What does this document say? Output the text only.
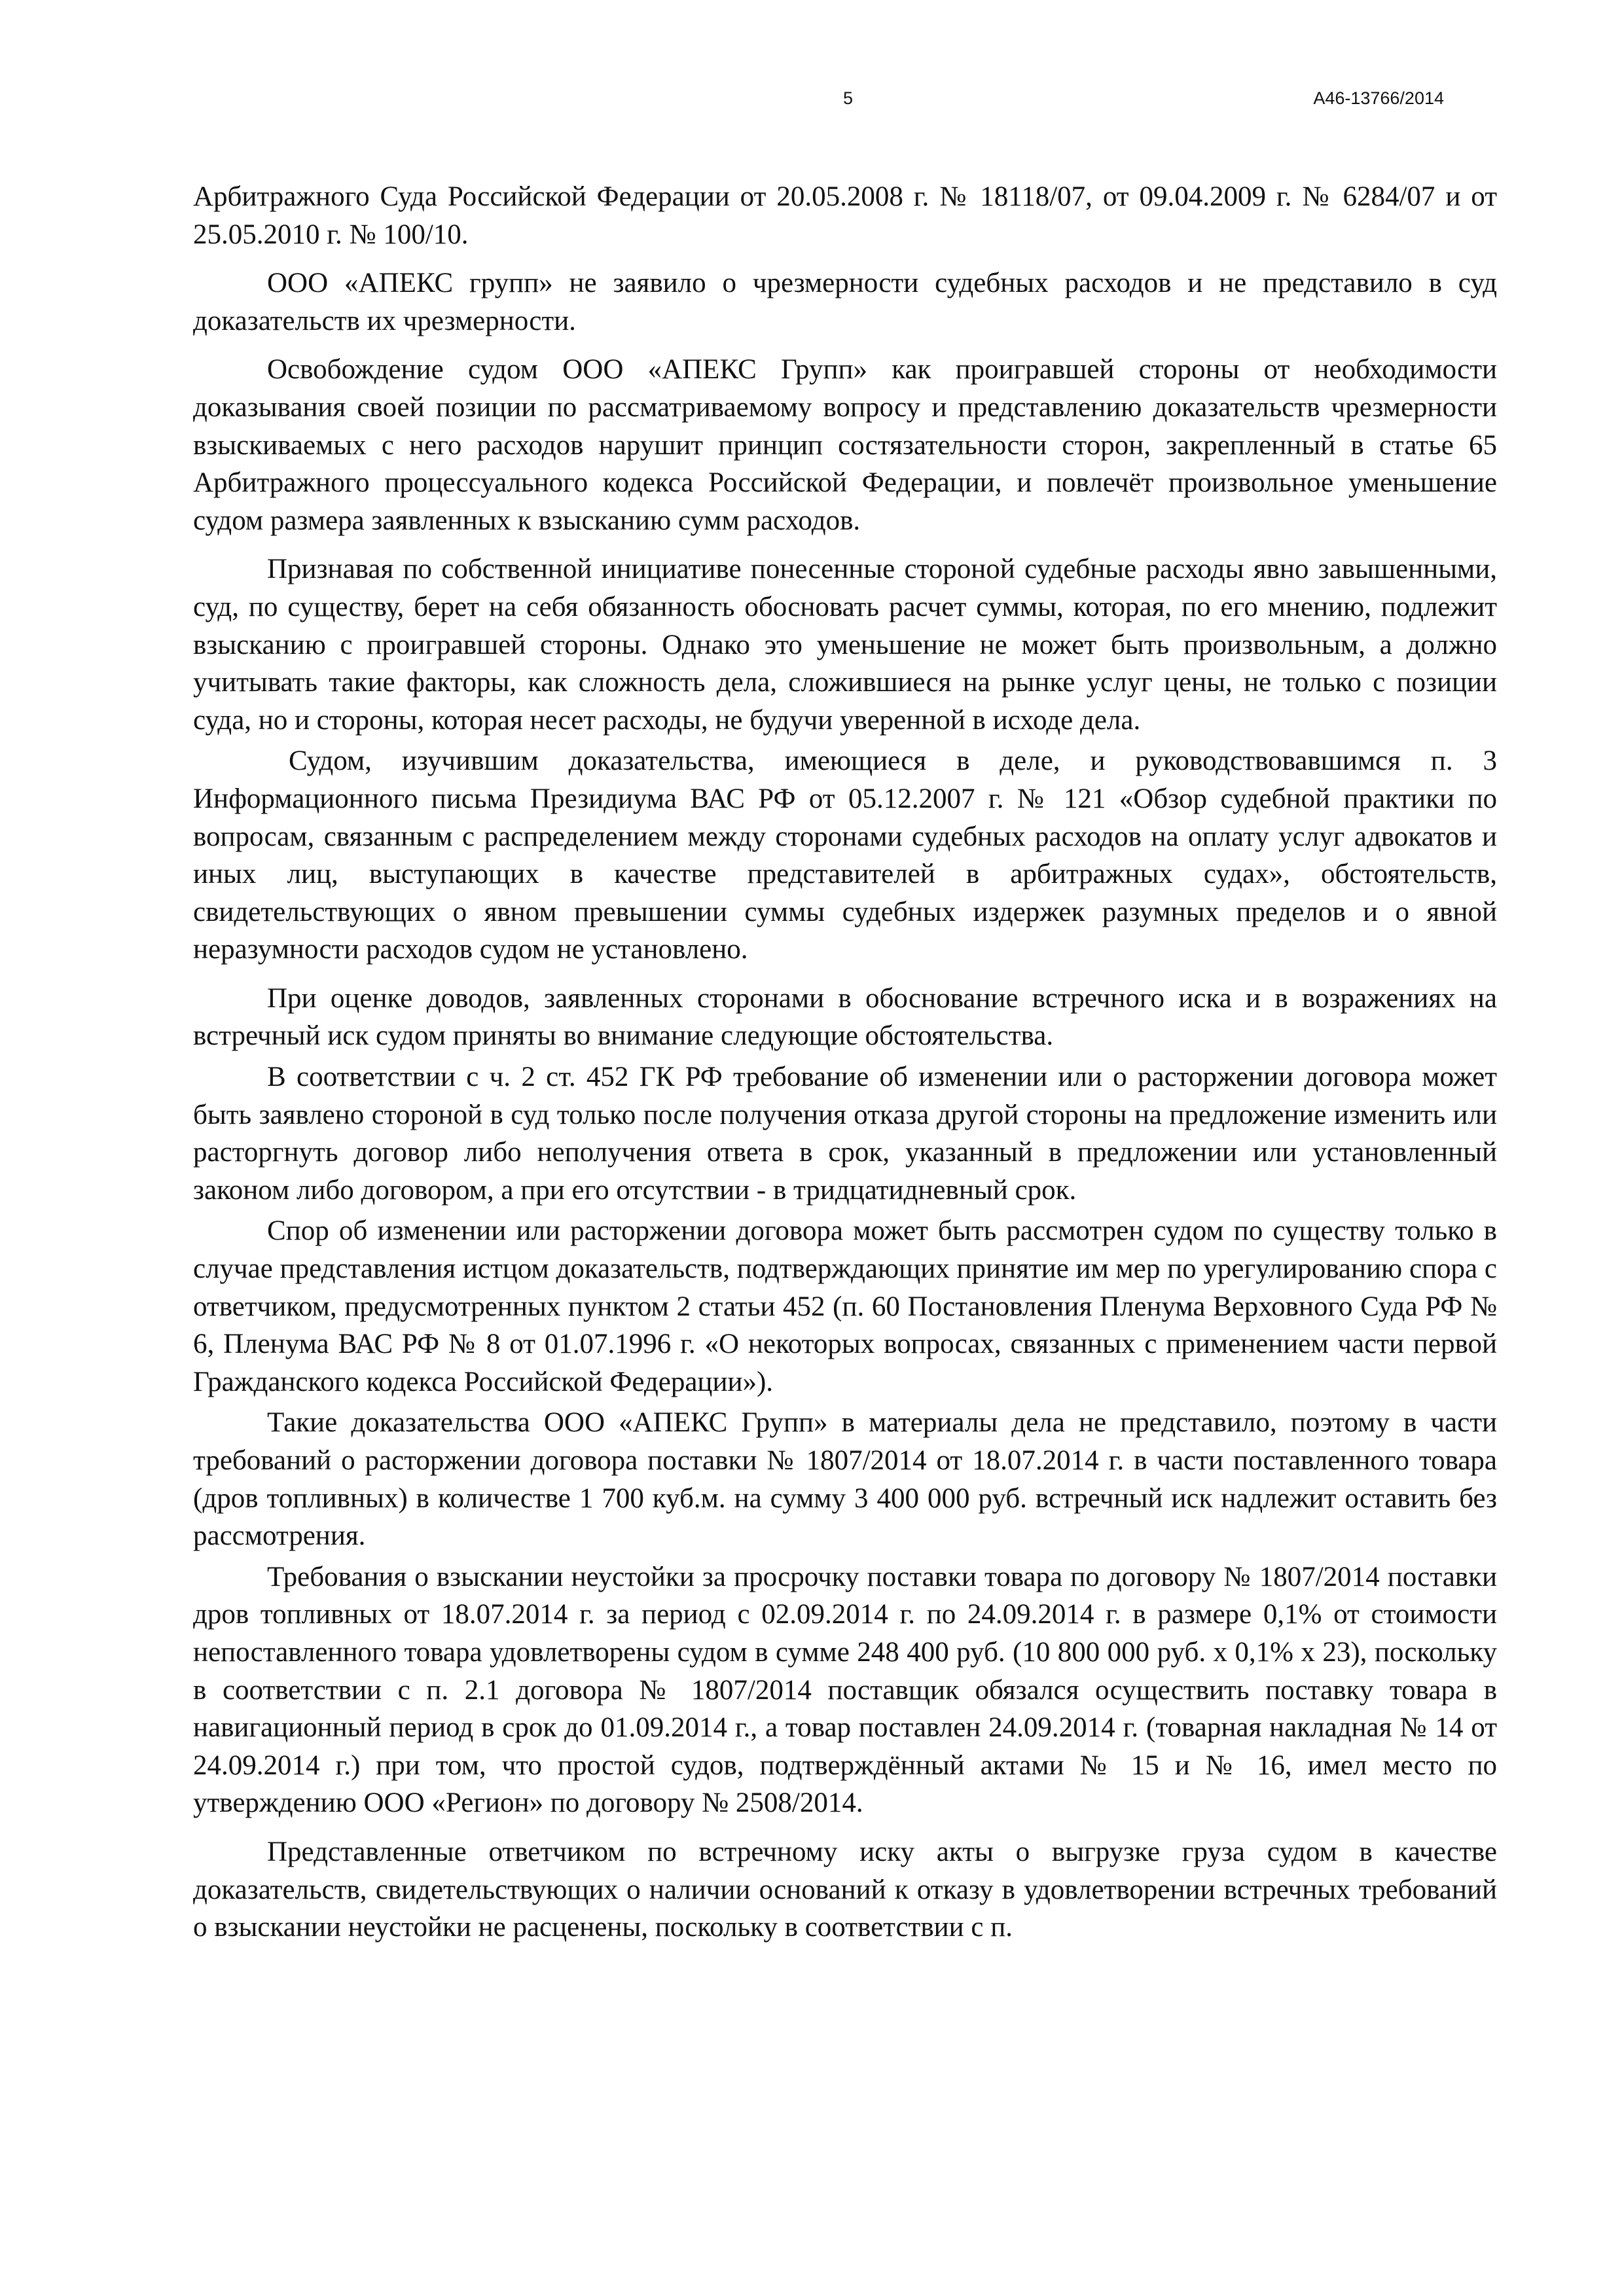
5	А46-13766/2014

Арбитражного Суда Российской Федерации от 20.05.2008 г. № 18118/07, от 09.04.2009 г. № 6284/07 и от 25.05.2010 г. № 100/10.

ООО «АПЕКС групп» не заявило о чрезмерности судебных расходов и не представило в суд доказательств их чрезмерности.

Освобождение судом ООО «АПЕКС Групп» как проигравшей стороны от необходимости доказывания своей позиции по рассматриваемому вопросу и представлению доказательств чрезмерности взыскиваемых с него расходов нарушит принцип состязательности сторон, закрепленный в статье 65 Арбитражного процессуального кодекса Российской Федерации, и повлечёт произвольное уменьшение судом размера заявленных к взысканию сумм расходов.

Признавая по собственной инициативе понесенные стороной судебные расходы явно завышенными, суд, по существу, берет на себя обязанность обосновать расчет суммы, которая, по его мнению, подлежит взысканию с проигравшей стороны. Однако это уменьшение не может быть произвольным, а должно учитывать такие факторы, как сложность дела, сложившиеся на рынке услуг цены, не только с позиции суда, но и стороны, которая несет расходы, не будучи уверенной в исходе дела.

Судом, изучившим доказательства, имеющиеся в деле, и руководствовавшимся п. 3 Информационного письма Президиума ВАС РФ от 05.12.2007 г. № 121 «Обзор судебной практики по вопросам, связанным с распределением между сторонами судебных расходов на оплату услуг адвокатов и иных лиц, выступающих в качестве представителей в арбитражных судах», обстоятельств, свидетельствующих о явном превышении суммы судебных издержек разумных пределов и о явной неразумности расходов судом не установлено.

При оценке доводов, заявленных сторонами в обоснование встречного иска и в возражениях на встречный иск судом приняты во внимание следующие обстоятельства.

В соответствии с ч. 2 ст. 452 ГК РФ требование об изменении или о расторжении договора может быть заявлено стороной в суд только после получения отказа другой стороны на предложение изменить или расторгнуть договор либо неполучения ответа в срок, указанный в предложении или установленный законом либо договором, а при его отсутствии - в тридцатидневный срок.

Спор об изменении или расторжении договора может быть рассмотрен судом по существу только в случае представления истцом доказательств, подтверждающих принятие им мер по урегулированию спора с ответчиком, предусмотренных пунктом 2 статьи 452 (п. 60 Постановления Пленума Верховного Суда РФ № 6, Пленума ВАС РФ № 8 от 01.07.1996 г. «О некоторых вопросах, связанных с применением части первой Гражданского кодекса Российской Федерации»).

Такие доказательства ООО «АПЕКС Групп» в материалы дела не представило, поэтому в части требований о расторжении договора поставки № 1807/2014 от 18.07.2014 г. в части поставленного товара (дров топливных) в количестве 1 700 куб.м. на сумму 3 400 000 руб. встречный иск надлежит оставить без рассмотрения.

Требования о взыскании неустойки за просрочку поставки товара по договору № 1807/2014 поставки дров топливных от 18.07.2014 г. за период с 02.09.2014 г. по 24.09.2014 г. в размере 0,1% от стоимости непоставленного товара удовлетворены судом в сумме 248 400 руб. (10 800 000 руб. х 0,1% х 23), поскольку в соответствии с п. 2.1 договора № 1807/2014 поставщик обязался осуществить поставку товара в навигационный период в срок до 01.09.2014 г., а товар поставлен 24.09.2014 г. (товарная накладная № 14 от 24.09.2014 г.) при том, что простой судов, подтверждённый актами № 15 и № 16, имел место по утверждению ООО «Регион» по договору № 2508/2014.

Представленные ответчиком по встречному иску акты о выгрузке груза судом в качестве доказательств, свидетельствующих о наличии оснований к отказу в удовлетворении встречных требований о взыскании неустойки не расценены, поскольку в соответствии с п.
